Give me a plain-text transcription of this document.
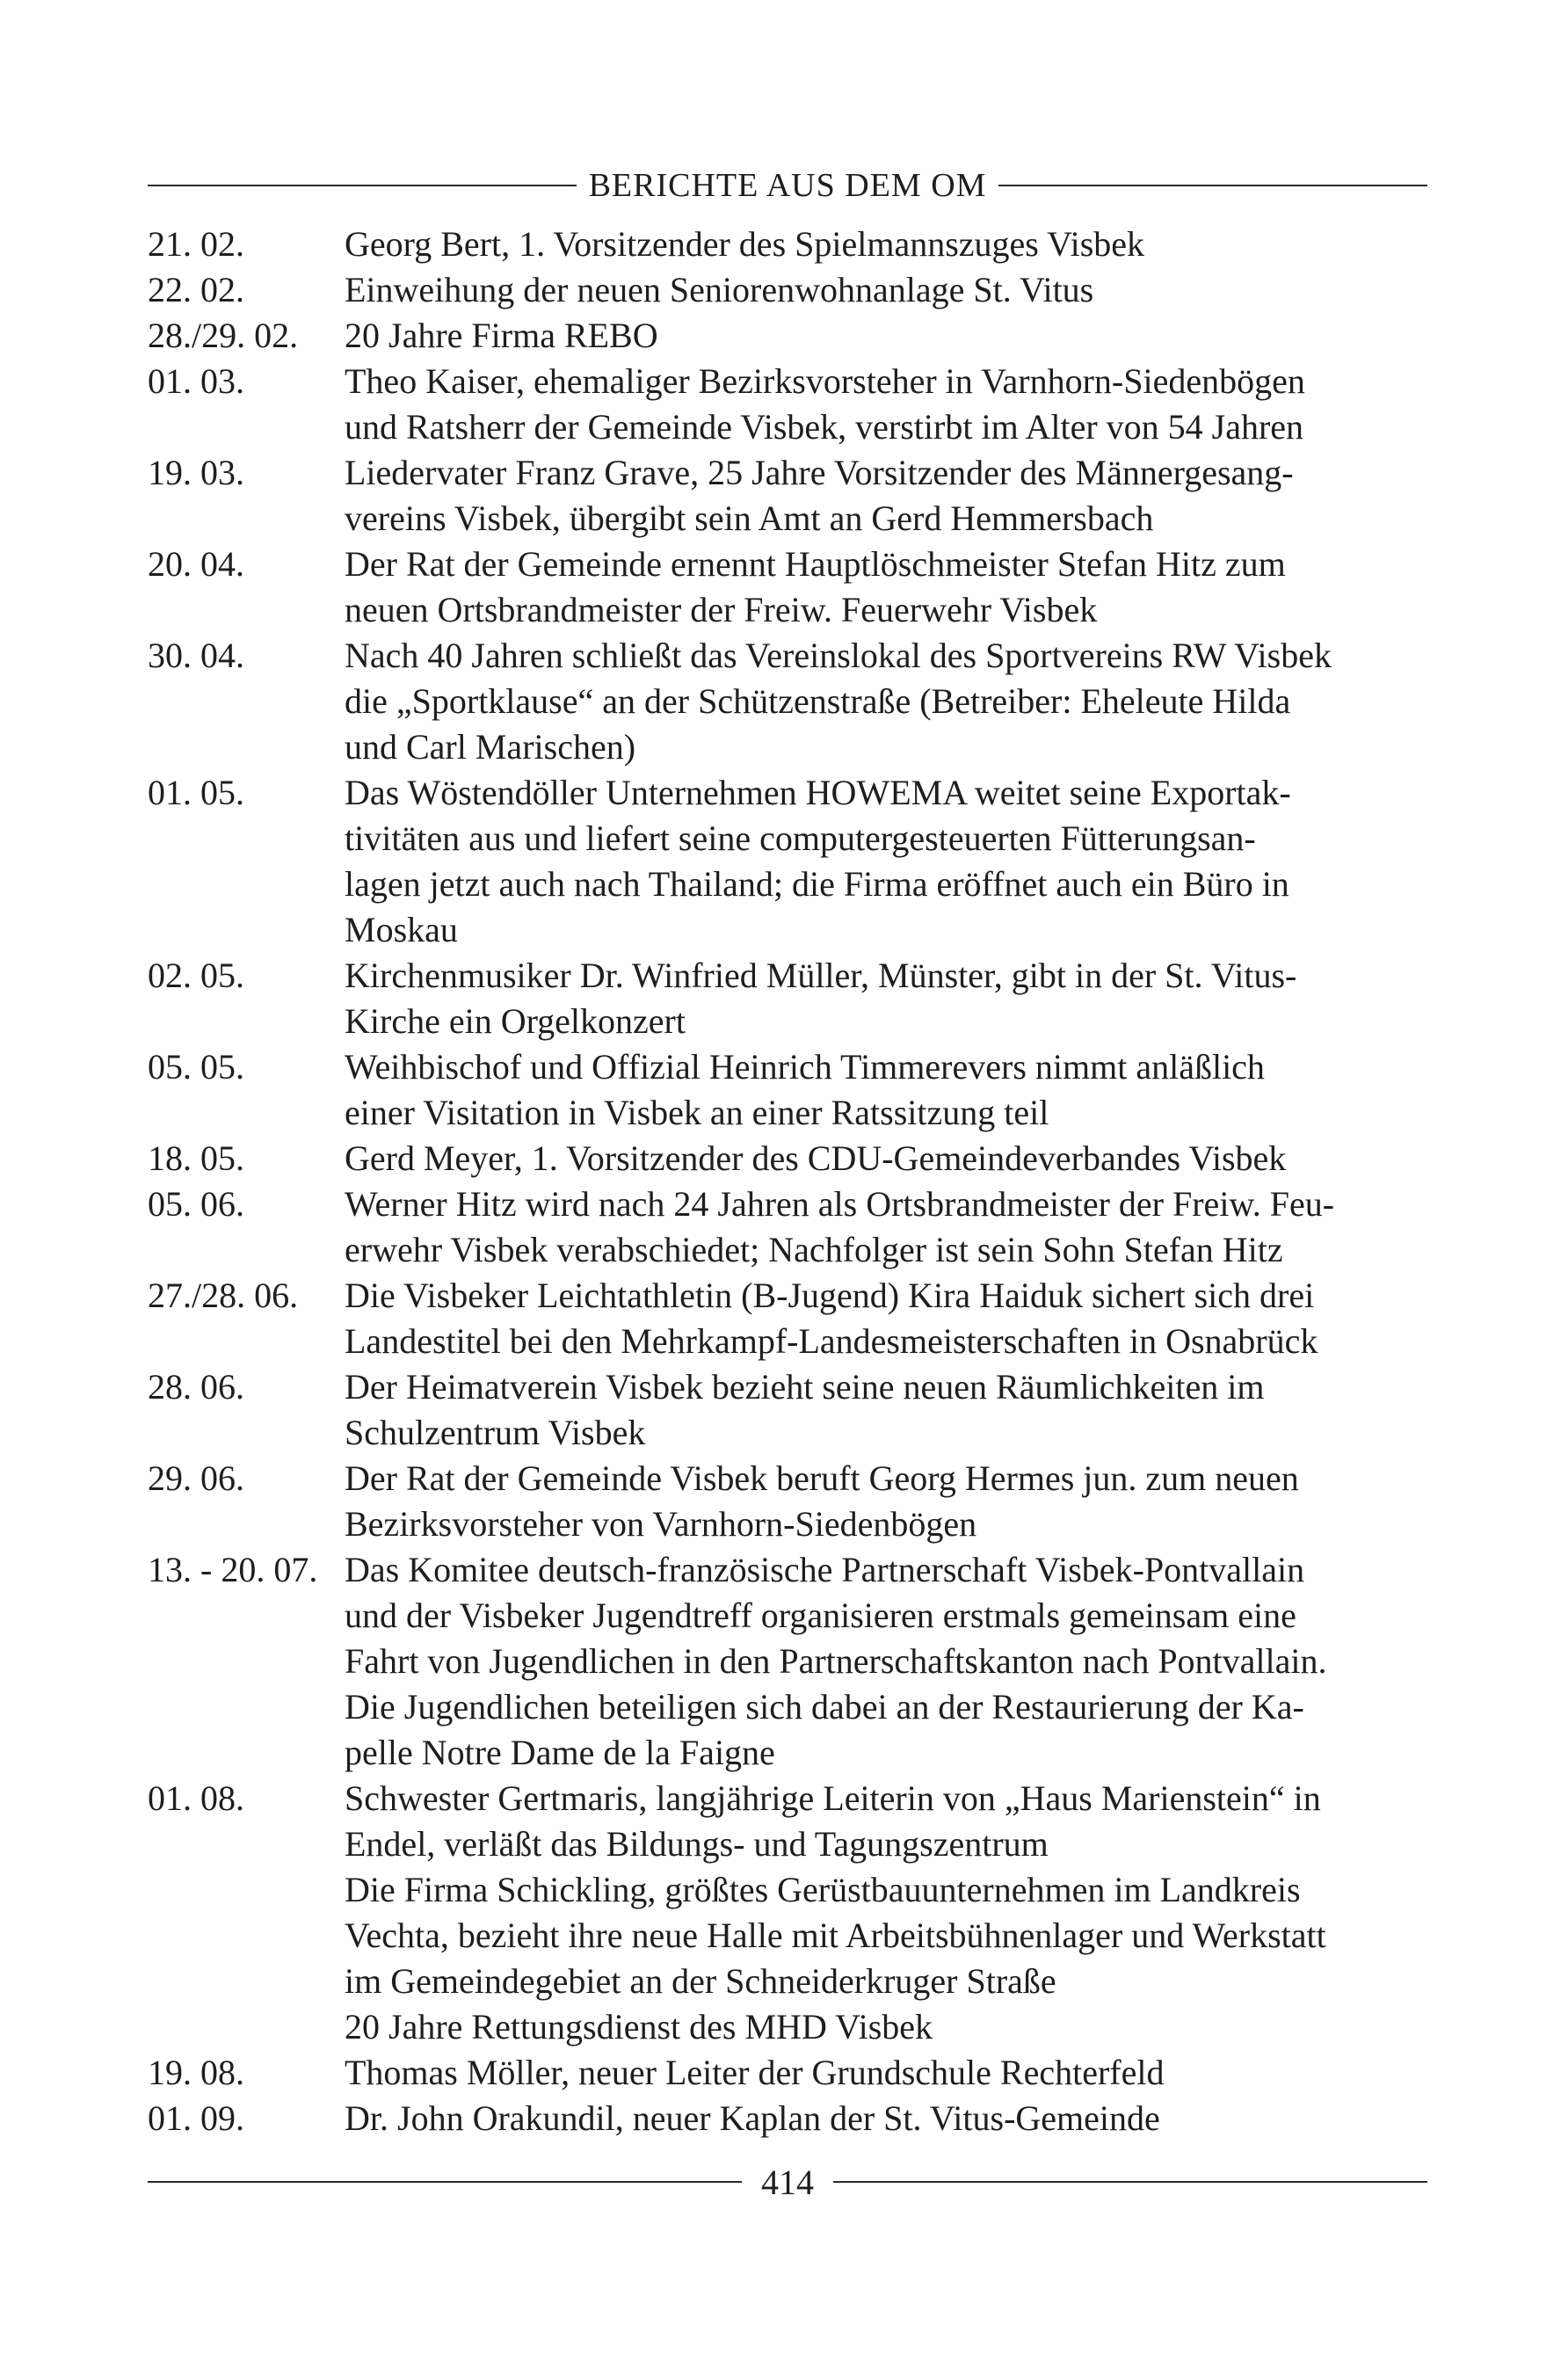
BERICHTE AUS DEM OM
21. 02.	Georg Bert, 1. Vorsitzender des Spielmannszuges Visbek
22. 02.	Einweihung der neuen Seniorenwohnanlage St. Vitus
28./29. 02.	20 Jahre Firma REBO
01. 03.	Theo Kaiser, ehemaliger Bezirksvorsteher in Varnhorn-Siedenbögen
und Ratsherr der Gemeinde Visbek, verstirbt im Alter von 54 Jahren
19. 03.	Liedervater Franz Grave, 25 Jahre Vorsitzender des Männergesang-
vereins Visbek, übergibt sein Amt an Gerd Hemmersbach
20. 04.	Der Rat der Gemeinde ernennt Hauptlöschmeister Stefan Hitz zum
neuen Ortsbrandmeister der Freiw. Feuerwehr Visbek
30. 04.	Nach 40 Jahren schließt das Vereinslokal des Sportvereins RW Visbek
die „Sportklause“ an der Schützenstraße (Betreiber: Eheleute Hilda
und Carl Marischen)
01. 05.	Das Wöstendöller Unternehmen HOWEMA weitet seine Exportak-
tivitäten aus und liefert seine computergesteuerten Fütterungsan-
lagen jetzt auch nach Thailand; die Firma eröffnet auch ein Büro in
Moskau
02. 05.	Kirchenmusiker Dr. Winfried Müller, Münster, gibt in der St. Vitus-
Kirche ein Orgelkonzert
05. 05.	Weihbischof und Offizial Heinrich Timmerevers nimmt anläßlich
einer Visitation in Visbek an einer Ratssitzung teil
18. 05.	Gerd Meyer, 1. Vorsitzender des CDU-Gemeindeverbandes Visbek
05. 06.	Werner Hitz wird nach 24 Jahren als Ortsbrandmeister der Freiw. Feu-
erwehr Visbek verabschiedet; Nachfolger ist sein Sohn Stefan Hitz
27./28. 06.	Die Visbeker Leichtathletin (B-Jugend) Kira Haiduk sichert sich drei
Landestitel bei den Mehrkampf-Landesmeisterschaften in Osnabrück
28. 06.	Der Heimatverein Visbek bezieht seine neuen Räumlichkeiten im
Schulzentrum Visbek
29. 06.	Der Rat der Gemeinde Visbek beruft Georg Hermes jun. zum neuen
Bezirksvorsteher von Varnhorn-Siedenbögen
13. - 20. 07. Das Komitee deutsch-französische Partnerschaft Visbek-Pontvallain
und der Visbeker Jugendtreff organisieren erstmals gemeinsam eine
Fahrt von Jugendlichen in den Partnerschaftskanton nach Pontvallain.
Die Jugendlichen beteiligen sich dabei an der Restaurierung der Ka-
pelle Notre Dame de la Faigne
01. 08.	Schwester Gertmaris, langjährige Leiterin von „Haus Marienstein“ in
Endel, verläßt das Bildungs- und Tagungszentrum
Die Firma Schickling, größtes Gerüstbauunternehmen im Landkreis
Vechta, bezieht ihre neue Halle mit Arbeitsbühnenlager und Werkstatt
im Gemeindegebiet an der Schneiderkruger Straße
20 Jahre Rettungsdienst des MHD Visbek
19. 08.	Thomas Möller, neuer Leiter der Grundschule Rechterfeld
01. 09.	Dr. John Orakundil, neuer Kaplan der St. Vitus-Gemeinde
414
